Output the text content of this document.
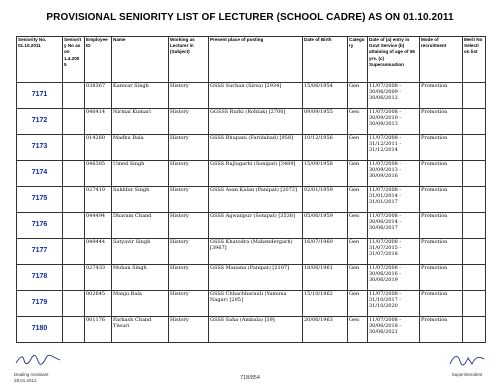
PROVISIONAL SENIORITY LIST OF LECTURER (SCHOOL CADRE) AS ON 01.10.2011
Seniority No. 01.10.2011	Seniorit y No as on 1.4.200 5	Employee ID	Name	Working as Lecturer in (Subject)	Present place of posting	Date of Birth	Category	Date of (a) entry in Govt Service (b) attaining of age of 55 yrs. (c) Superannuation	Mode of recruitment	Merit No Selecti on list
7171		038367	Kanwar Singh	History	GSSS Suchan (Sirsa) [2934]	15/06/1954	Gen	11/07/2008 - 30/06/2009 - 30/06/2012	Promotion	
7172		046414	Nirmal Kumari	History	GGSSS Rurki (Rohtak) [2700]	09/09/1955	Gen	11/07/2008 - 30/09/2010 - 30/09/2013	Promotion	
7173		014260	Madhu Bala	History	GSSS Bhupani (Faridabad) [958]	10/12/1956	Gen	11/07/2008 - 31/12/2011 - 31/12/2014	Promotion	
7174		046385	Umed Singh	History	GSSS Rajlugarhi (Sonipat) [3489]	15/09/1958	Gen	11/07/2008 - 30/09/2013 - 30/09/2016	Promotion	
7175		027410	Sukhbir Singh	History	GSSS Asan Kalan (Panipat) [2072]	02/01/1959	Gen	11/07/2008 - 31/01/2014 - 31/01/2017	Promotion	
7176		044494	Dharam Chand	History	GSSS Agwanpur (Sonipat) [3538]	05/06/1959	Gen	11/07/2008 - 30/06/2014 - 30/06/2017	Promotion	
7177		049444	Satyavir Singh	History	GSSS Khatodra (Mahendergarh) [3967]	16/07/1960	Gen	11/07/2008 - 31/07/2015 - 31/07/2018	Promotion	
7178		027433	Mohan Singh	History	GSSS Manana (Panipat) [2107]	18/06/1961	Gen	11/07/2008 - 30/06/2016 - 30/06/2019	Promotion	
7179		002645	Manju Bala	History	GSSS Chhachharauli (Yamuna Nagar) [295]	15/10/1962	Gen	11/07/2008 - 31/10/2017 - 31/10/2020	Promotion	
7180		001176	Parkash Chand Tiwari	History	GSSS Saha (Ambala) [39]	20/06/1963	Gen	11/07/2008 - 30/06/2018 - 30/06/2021	Promotion	
Dealing Assistant
28.01.2012	718/854
Superintendent
